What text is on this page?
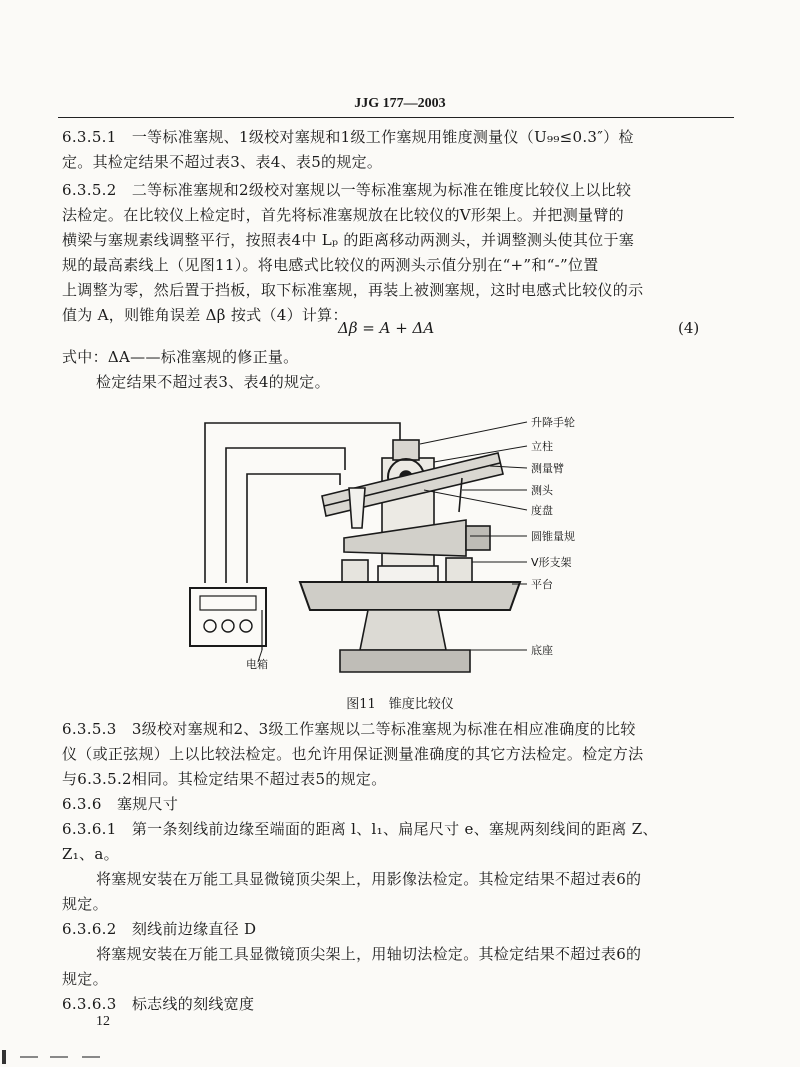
JJG 177—2003
6.3.5.1　一等标准塞规、1级校对塞规和1级工作塞规用锥度测量仪（U₉₉≤0.3″）检
定。其检定结果不超过表3、表4、表5的规定。
6.3.5.2　二等标准塞规和2级校对塞规以一等标准塞规为标准在锥度比较仪上以比较
法检定。在比较仪上检定时，首先将标准塞规放在比较仪的V形架上。并把测量臂的
横梁与塞规素线调整平行，按照表4中 Lₚ 的距离移动两测头，并调整测头使其位于塞
规的最高素线上（见图11）。将电感式比较仪的两测头示值分别在“+”和“-”位置
上调整为零，然后置于挡板，取下标准塞规，再装上被测塞规，这时电感式比较仪的示
值为 A，则锥角误差 Δβ 按式（4）计算：
Δβ = A + ΔA	(4)
式中：ΔA——标准塞规的修正量。
检定结果不超过表3、表4的规定。
升降手轮
立柱
测量臂
测头
度盘
圆锥量规
V形支架
平台
底座
电箱
图11　锥度比较仪
6.3.5.3　3级校对塞规和2、3级工作塞规以二等标准塞规为标准在相应准确度的比较
仪（或正弦规）上以比较法检定。也允许用保证测量准确度的其它方法检定。检定方法
与6.3.5.2相同。其检定结果不超过表5的规定。
6.3.6　塞规尺寸
6.3.6.1　第一条刻线前边缘至端面的距离 l、l₁、扁尾尺寸 e、塞规两刻线间的距离 Z、
Z₁、a。
将塞规安装在万能工具显微镜顶尖架上，用影像法检定。其检定结果不超过表6的
规定。
6.3.6.2　刻线前边缘直径 D
将塞规安装在万能工具显微镜顶尖架上，用轴切法检定。其检定结果不超过表6的
规定。
6.3.6.3　标志线的刻线宽度
12
